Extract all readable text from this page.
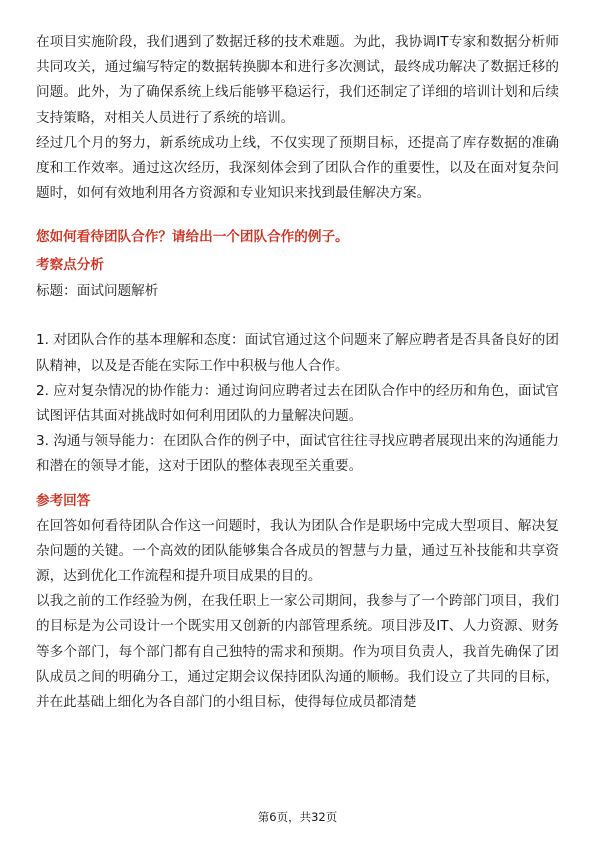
在项目实施阶段，我们遇到了数据迁移的技术难题。为此，我协调IT专家和数据分析师共同攻关，通过编写特定的数据转换脚本和进行多次测试，最终成功解决了数据迁移的问题。此外，为了确保系统上线后能够平稳运行，我们还制定了详细的培训计划和后续支持策略，对相关人员进行了系统的培训。

经过几个月的努力，新系统成功上线，不仅实现了预期目标，还提高了库存数据的准确度和工作效率。通过这次经历，我深刻体会到了团队合作的重要性，以及在面对复杂问题时，如何有效地利用各方资源和专业知识来找到最佳解决方案。

您如何看待团队合作？请给出一个团队合作的例子。
考察点分析

标题：面试问题解析

1. 对团队合作的基本理解和态度：面试官通过这个问题来了解应聘者是否具备良好的团队精神，以及是否能在实际工作中积极与他人合作。

2. 应对复杂情况的协作能力：通过询问应聘者过去在团队合作中的经历和角色，面试官试图评估其面对挑战时如何利用团队的力量解决问题。

3. 沟通与领导能力：在团队合作的例子中，面试官往往寻找应聘者展现出来的沟通能力和潜在的领导才能，这对于团队的整体表现至关重要。

参考回答

在回答如何看待团队合作这一问题时，我认为团队合作是职场中完成大型项目、解决复杂问题的关键。一个高效的团队能够集合各成员的智慧与力量，通过互补技能和共享资源，达到优化工作流程和提升项目成果的目的。

以我之前的工作经验为例，在我任职上一家公司期间，我参与了一个跨部门项目，我们的目标是为公司设计一个既实用又创新的内部管理系统。项目涉及IT、人力资源、财务等多个部门，每个部门都有自己独特的需求和预期。作为项目负责人，我首先确保了团队成员之间的明确分工，通过定期会议保持团队沟通的顺畅。我们设立了共同的目标，并在此基础上细化为各自部门的小组目标，使得每位成员都清楚

第6页，共32页
